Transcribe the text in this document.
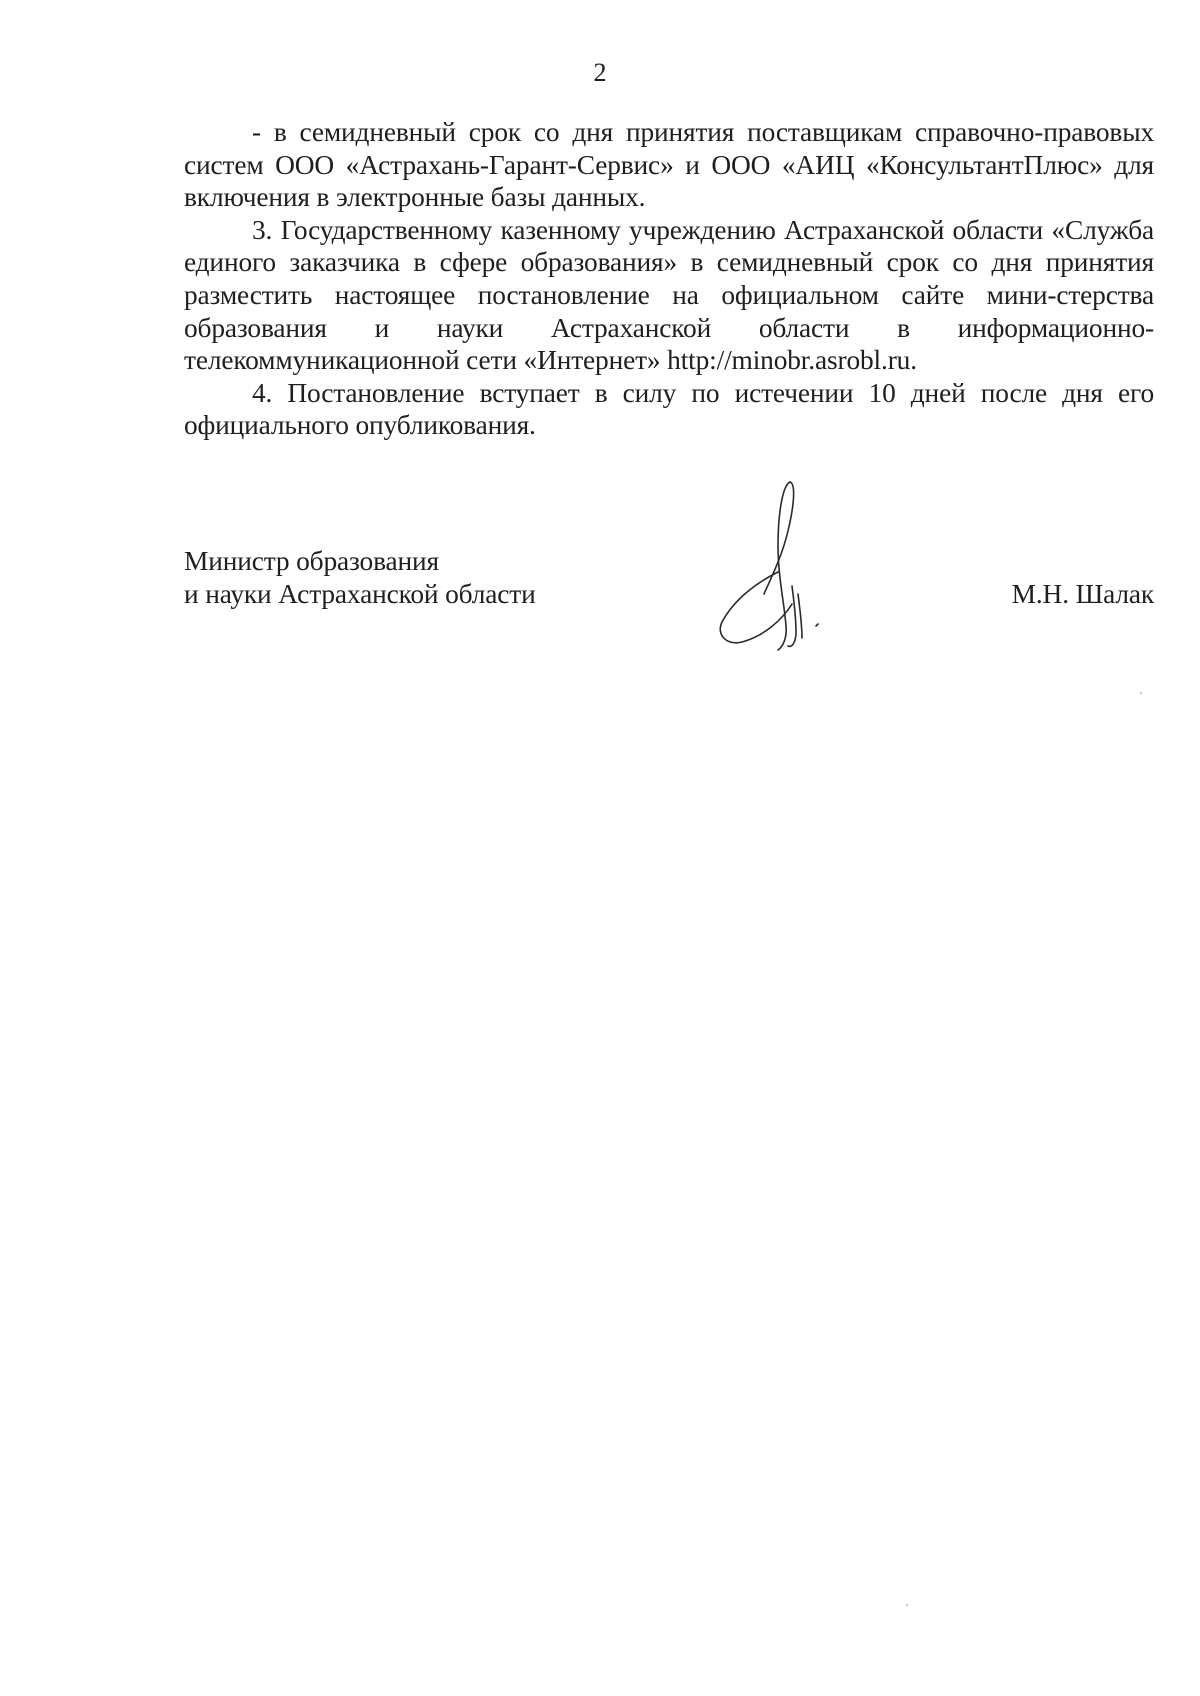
2

- в семидневный срок со дня принятия поставщикам справочно-правовых систем ООО «Астрахань-Гарант-Сервис» и ООО «АИЦ «КонсультантПлюс» для включения в электронные базы данных.

3. Государственному казенному учреждению Астраханской области «Служба единого заказчика в сфере образования» в семидневный срок со дня принятия разместить настоящее постановление на официальном сайте мини-стерства образования и науки Астраханской области в информационно-телекоммуникационной сети «Интернет» http://minobr.asrobl.ru.

4. Постановление вступает в силу по истечении 10 дней после дня его официального опубликования.

Министр образования
и науки Астраханской области	М.Н. Шалак
